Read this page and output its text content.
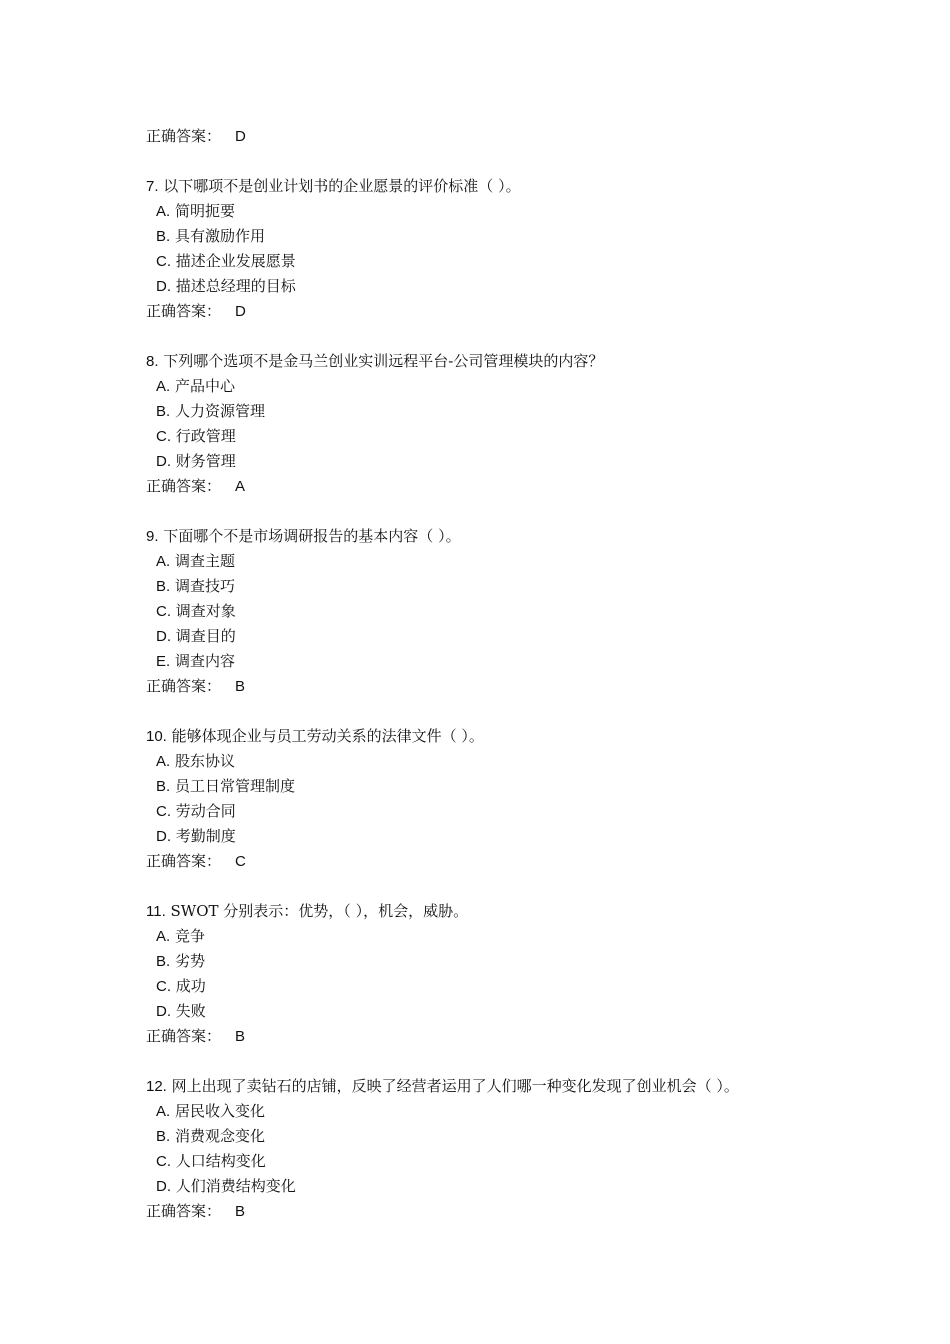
正确答案： D
7. 以下哪项不是创业计划书的企业愿景的评价标准（ ）。
A. 简明扼要
B. 具有激励作用
C. 描述企业发展愿景
D. 描述总经理的目标
正确答案： D
8. 下列哪个选项不是金马兰创业实训远程平台-公司管理模块的内容？
A. 产品中心
B. 人力资源管理
C. 行政管理
D. 财务管理
正确答案： A
9. 下面哪个不是市场调研报告的基本内容（ ）。
A. 调查主题
B. 调查技巧
C. 调查对象
D. 调查目的
E. 调查内容
正确答案： B
10. 能够体现企业与员工劳动关系的法律文件（ ）。
A. 股东协议
B. 员工日常管理制度
C. 劳动合同
D. 考勤制度
正确答案： C
11. SWOT 分别表示：优势，（ ），机会，威胁。
A. 竞争
B. 劣势
C. 成功
D. 失败
正确答案： B
12. 网上出现了卖钻石的店铺，反映了经营者运用了人们哪一种变化发现了创业机会（ ）。
A. 居民收入变化
B. 消费观念变化
C. 人口结构变化
D. 人们消费结构变化
正确答案： B
